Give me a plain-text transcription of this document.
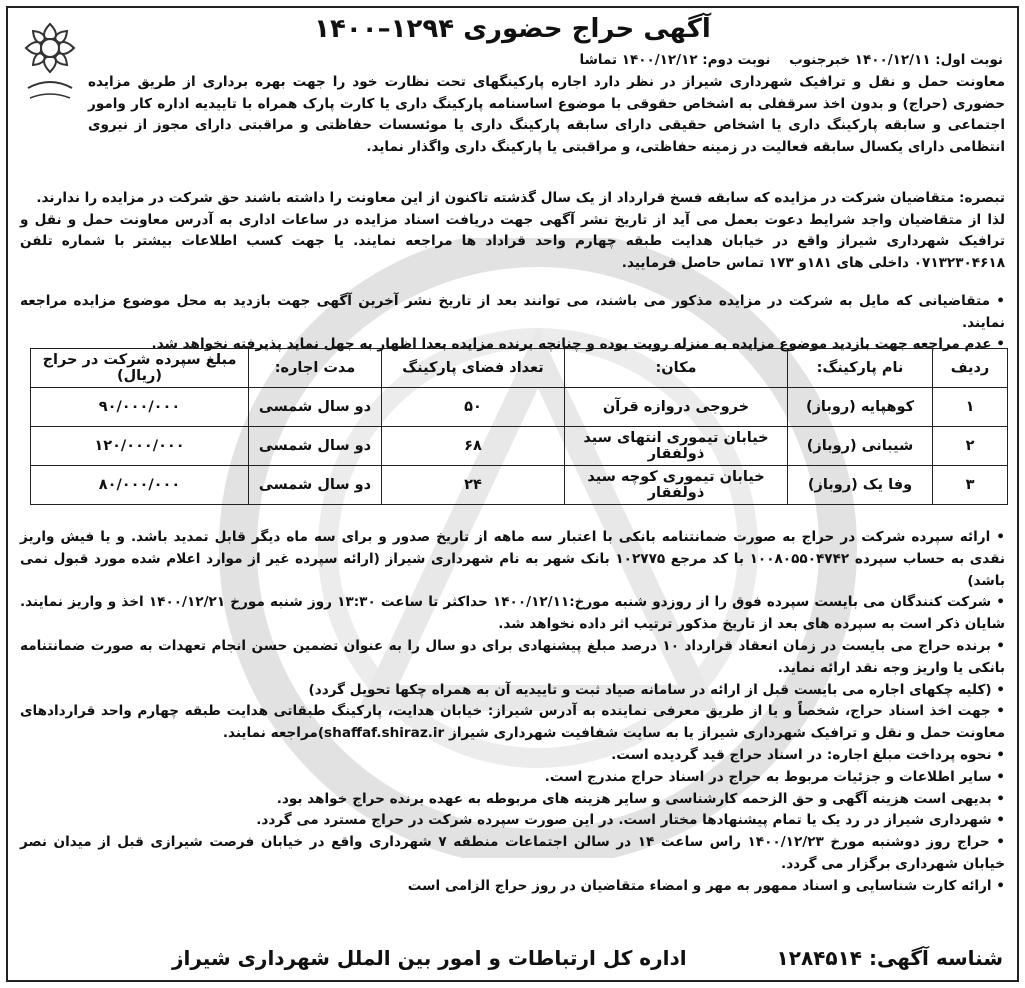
آگهی حراج حضوری ۱۲۹۴–۱۴۰۰
نوبت اول: ۱۴۰۰/۱۲/۱۱ خبرجنوب نوبت دوم: ۱۴۰۰/۱۲/۱۲ تماشا
معاونت حمل و نقل و ترافیک شهرداری شیراز در نظر دارد اجاره پارکینگهای تحت نظارت خود را جهت بهره برداری از طریق مزایده حضوری (حراج) و بدون اخذ سرقفلی به اشخاص حقوقی با موضوع اساسنامه پارکینگ داری یا کارت پارک همراه با تاییدیه اداره کار وامور اجتماعی و سابقه پارکینگ داری یا اشخاص حقیقی دارای سابقه پارکینگ داری یا موئسسات حفاظتی و مراقبتی دارای مجوز از نیروی انتظامی دارای یکسال سابقه فعالیت در زمینه حفاظتی، و مراقبتی یا پارکینگ داری واگذار نماید.

تبصره: متقاضیان شرکت در مزایده که سابقه فسخ قرارداد از یک سال گذشته تاکنون از این معاونت را داشته باشند حق شرکت در مزایده را ندارند.

لذا از متقاضیان واجد شرایط دعوت بعمل می آید از تاریخ نشر آگهی جهت دریافت اسناد مزایده در ساعات اداری به آدرس معاونت حمل و نقل و ترافیک شهرداری شیراز واقع در خیابان هدایت طبقه چهارم واحد قراداد ها مراجعه نمایند. یا جهت کسب اطلاعات بیشتر با شماره تلفن ۰۷۱۳۲۳۰۴۶۱۸ داخلی های ۱۸۱و ۱۷۳ تماس حاصل فرمایید.

• متقاضیانی که مایل به شرکت در مزایده مذکور می باشند، می توانند بعد از تاریخ نشر آخرین آگهی جهت بازدید به محل موضوع مزایده مراجعه نمایند.

• عدم مراجعه جهت بازدید موضوع مزایده به منزله رویت بوده و چنانچه برنده مزایده بعدا اظهار به جهل نماید پذیرفته نخواهد شد.

ردیف	نام پارکینگ:	مکان:	تعداد فضای پارکینگ	مدت اجاره:	مبلغ سپرده شرکت در حراج (ریال)
۱	کوهپایه (روباز)	خروجی دروازه قرآن	۵۰	دو سال شمسی	۹۰/۰۰۰/۰۰۰
۲	شیبانی (روباز)	خیابان تیموری انتهای سید ذولفقار	۶۸	دو سال شمسی	۱۲۰/۰۰۰/۰۰۰
۳	وفا یک (روباز)	خیابان تیموری کوچه سید ذولفقار	۲۴	دو سال شمسی	۸۰/۰۰۰/۰۰۰

• ارائه سپرده شرکت در حراج به صورت ضمانتنامه بانکی با اعتبار سه ماهه از تاریخ صدور و برای سه ماه دیگر قابل تمدید باشد. و یا فیش واریز نقدی به حساب سپرده ۱۰۰۸۰۵۵۰۴۷۴۲ با کد مرجع ۱۰۲۷۷۵ بانک شهر به نام شهرداری شیراز (ارائه سپرده غیر از موارد اعلام شده مورد قبول نمی باشد)

• شرکت کنندگان می بایست سپرده فوق را از روزدو شنبه مورخ:۱۴۰۰/۱۲/۱۱ حداکثر تا ساعت ۱۳:۳۰ روز شنبه مورخ ۱۴۰۰/۱۲/۲۱ اخذ و واریز نمایند. شایان ذکر است به سپرده های بعد از تاریخ مذکور ترتیب اثر داده نخواهد شد.

• برنده حراج می بایست در زمان انعقاد قرارداد ۱۰ درصد مبلغ پیشنهادی برای دو سال را به عنوان تضمین حسن انجام تعهدات به صورت ضمانتنامه بانکی یا واریز وجه نقد ارائه نماید.

• (کلیه چکهای اجاره می بایست قبل از ارائه در سامانه صیاد ثبت و تاییدیه آن به همراه چکها تحویل گردد)

• جهت اخذ اسناد حراج، شخصاً و یا از طریق معرفی نماینده به آدرس شیراز: خیابان هدایت، پارکینگ طبقاتی هدایت طبقه چهارم واحد قراردادهای معاونت حمل و نقل و ترافیک شهرداری شیراز یا به سایت شفافیت شهرداری شیراز shaffaf.shiraz.ir)مراجعه نمایند.

• نحوه پرداخت مبلغ اجاره: در اسناد حراج قید گردیده است.

• سایر اطلاعات و جزئیات مربوط به حراج در اسناد حراج مندرج است.

• بدیهی است هزینه آگهی و حق الزحمه کارشناسی و سایر هزینه های مربوطه به عهده برنده حراج خواهد بود.

• شهرداری شیراز در رد یک یا تمام پیشنهادها مختار است. در این صورت سپرده شرکت در حراج مسترد می گردد.

• حراج روز دوشنبه مورخ ۱۴۰۰/۱۲/۲۳ راس ساعت ۱۴ در سالن اجتماعات منطقه ۷ شهرداری واقع در خیابان فرصت شیرازی قبل از میدان نصر خیابان شهرداری برگزار می گردد.

• ارائه کارت شناسایی و اسناد ممهور به مهر و امضاء متقاضیان در روز حراج الزامی است

شناسه آگهی: ۱۲۸۴۵۱۴
اداره کل ارتباطات و امور بین الملل شهرداری شیراز
